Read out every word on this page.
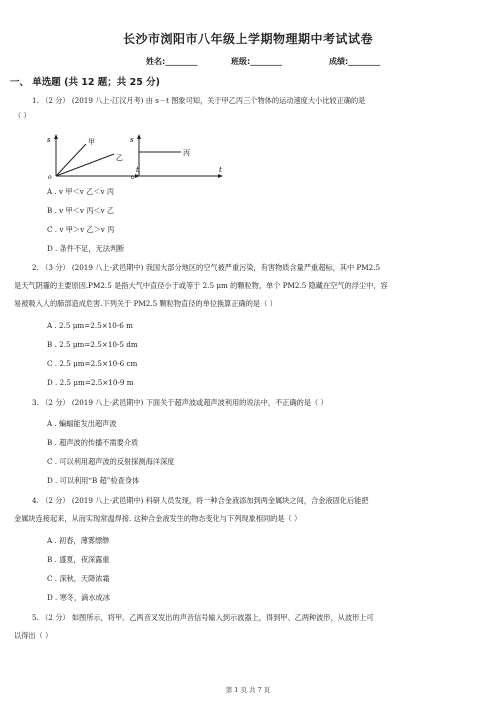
长沙市浏阳市八年级上学期物理期中考试试卷
姓名:________	班级:________	成绩:________
一、 单选题 (共 12 题；共 25 分)
1. （2 分） (2019 八上·江汉月考) 由 s－t 图象可知，关于甲乙丙三个物体的运动速度大小比较正确的是
（ ）
s
t
o
甲
乙
s
t
o
丙
A . v 甲＜v 乙＜v 丙
B . v 甲＜v 丙＜v 乙
C . v 甲＞v 乙＞v 丙
D . 条件不足，无法判断
2. （3 分） (2019 八上·武邑期中) 我国大部分地区的空气被严重污染，有害物质含量严重超标，其中 PM2.5
是天气阴霾的主要原因.PM2.5 是指大气中直径小于或等于 2.5 μm 的颗粒物，单个 PM2.5 隐藏在空气的浮尘中，容
易被吸入人的肺部造成危害.下列关于 PM2.5 颗粒物直径的单位换算正确的是（ ）
A . 2.5 μm=2.5×10-6 m
B . 2.5 μm=2.5×10-5 dm
C . 2.5 μm=2.5×10-6 cm
D . 2.5 μm=2.5×10-9 m
3. （2 分） (2019 八上·武邑期中) 下面关于超声波或超声波利用的说法中，不正确的是（ ）
A . 蝙蝠能发出超声波
B . 超声波的传播不需要介质
C . 可以利用超声波的反射探测海洋深度
D . 可以利用“B 超”检查身体
4. （2 分） (2019 八上·武邑期中) 科研人员发现，将一种合金液添加到两金属块之间，合金液固化后能把
金属块连接起来，从而实现常温焊接. 这种合金液发生的物态变化与下列现象相同的是（ ）
A . 初春，薄雾缥缈
B . 盛夏，夜深露重
C . 深秋，天降浓霜
D . 寒冬，滴水成冰
5. （2 分） 如图所示，将甲、乙两音叉发出的声音信号输入到示波器上，得到甲、乙两种波形，从波形上可
以得出（ ）
第 1 页 共 7 页
